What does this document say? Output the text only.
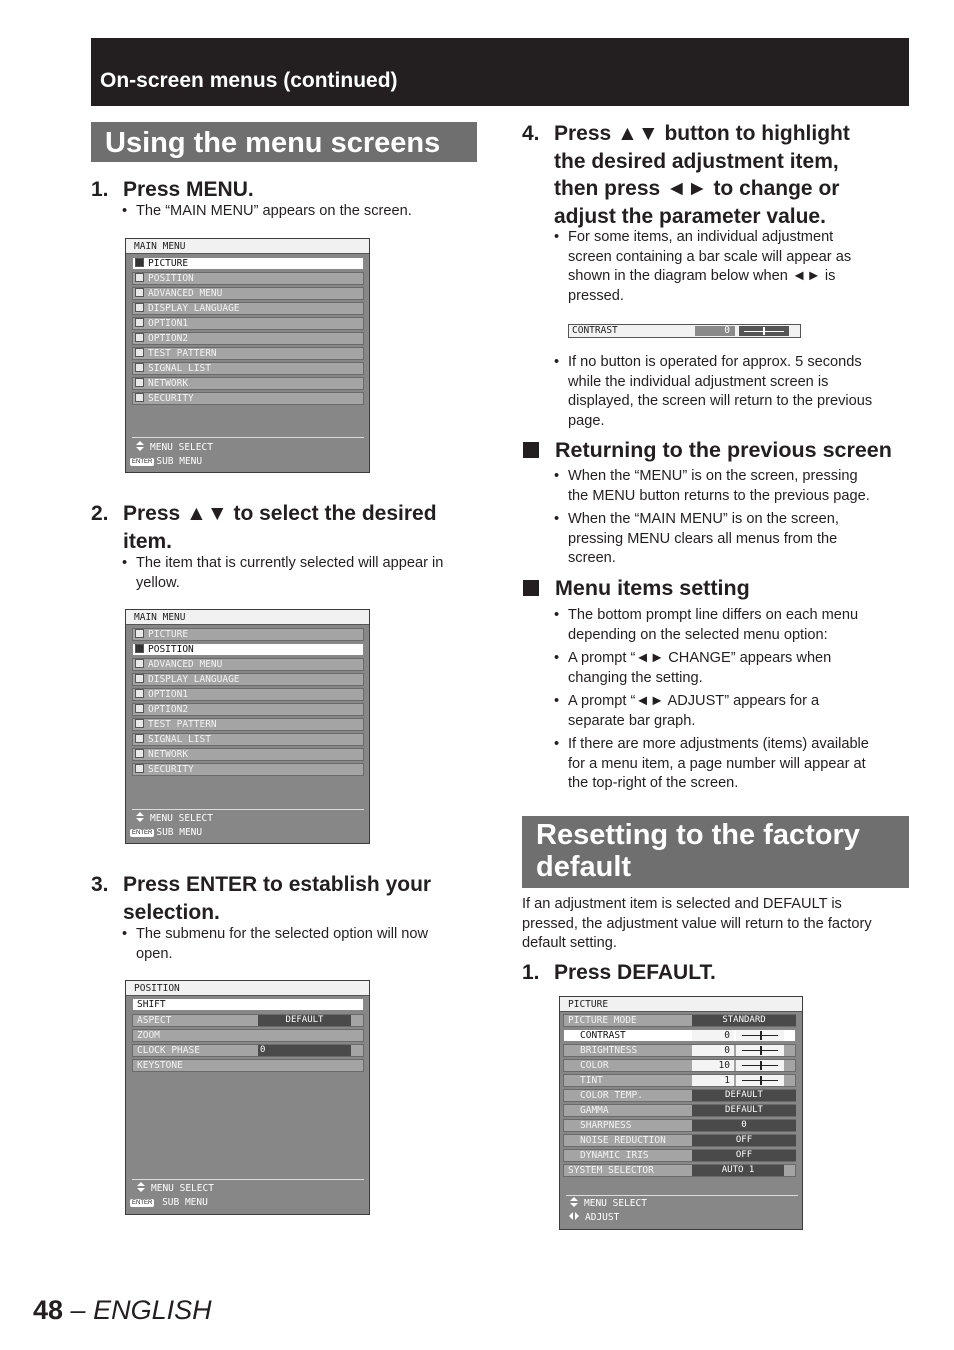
On-screen menus (continued)
Using the menu screens
1. Press MENU.
• The “MAIN MENU” appears on the screen.
MAIN MENU
PICTURE
POSITION
ADVANCED MENU
DISPLAY LANGUAGE
OPTION1
OPTION2
TEST PATTERN
SIGNAL LIST
NETWORK
SECURITY
MENU SELECT
ENTER SUB MENU
2. Press ▲▼ to select the desired
item.
• The item that is currently selected will appear in
yellow.
MAIN MENU
PICTURE
POSITION
ADVANCED MENU
DISPLAY LANGUAGE
OPTION1
OPTION2
TEST PATTERN
SIGNAL LIST
NETWORK
SECURITY
MENU SELECT
ENTER SUB MENU
3. Press ENTER to establish your
selection.
• The submenu for the selected option will now
open.
POSITION
SHIFT
ASPECT	DEFAULT
ZOOM
CLOCK PHASE	0
KEYSTONE
MENU SELECT
ENTER SUB MENU
4. Press ▲▼ button to highlight
the desired adjustment item,
then press ◄► to change or
adjust the parameter value.
• For some items, an individual adjustment
screen containing a bar scale will appear as
shown in the diagram below when ◄► is
pressed.
CONTRAST	0
• If no button is operated for approx. 5 seconds
while the individual adjustment screen is
displayed, the screen will return to the previous
page.
Returning to the previous screen
• When the “MENU” is on the screen, pressing
the MENU button returns to the previous page.
• When the “MAIN MENU” is on the screen,
pressing MENU clears all menus from the
screen.
Menu items setting
• The bottom prompt line differs on each menu
depending on the selected menu option:
• A prompt “◄► CHANGE” appears when
changing the setting.
• A prompt “◄► ADJUST” appears for a
separate bar graph.
• If there are more adjustments (items) available
for a menu item, a page number will appear at
the top-right of the screen.
Resetting to the factory
default
If an adjustment item is selected and DEFAULT is
pressed, the adjustment value will return to the factory
default setting.
1. Press DEFAULT.
PICTURE
PICTURE MODE	STANDARD
CONTRAST	0
BRIGHTNESS	0
COLOR	10
TINT	1
COLOR TEMP.	DEFAULT
GAMMA	DEFAULT
SHARPNESS	0
NOISE REDUCTION	OFF
DYNAMIC IRIS	OFF
SYSTEM SELECTOR	AUTO 1
MENU SELECT
ADJUST
48 – ENGLISH
